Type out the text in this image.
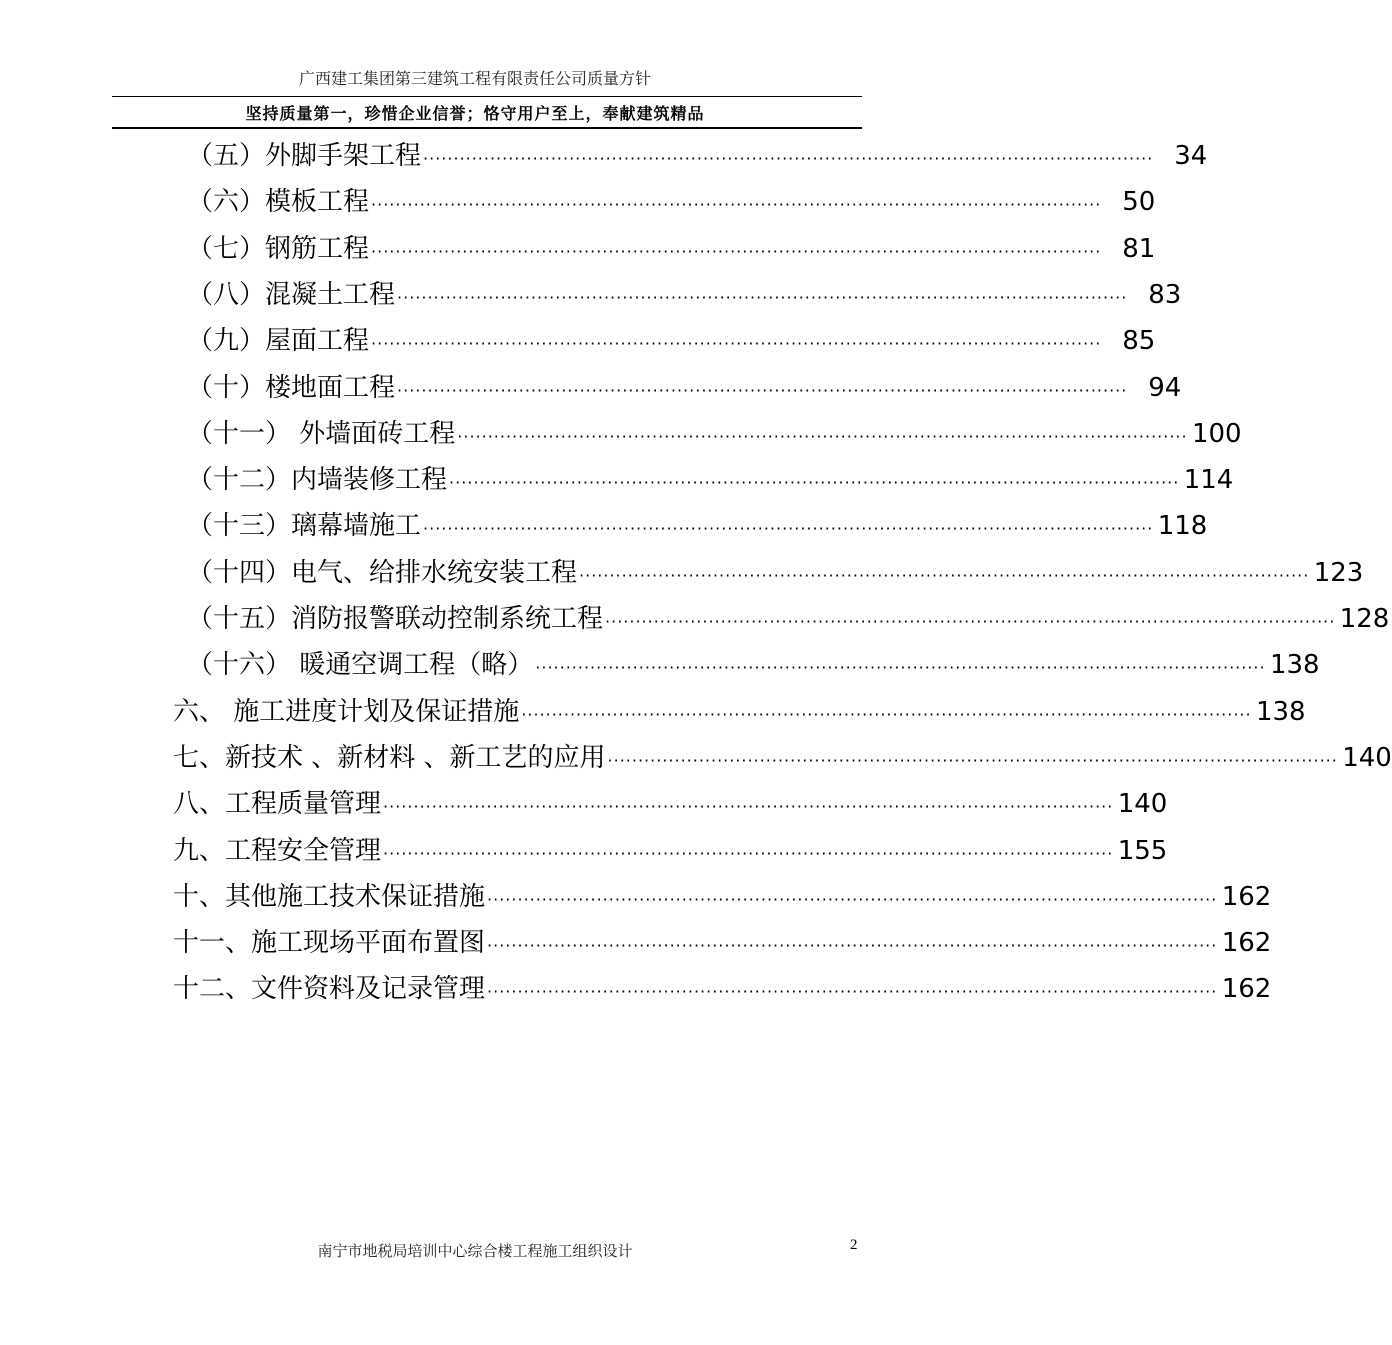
广西建工集团第三建筑工程有限责任公司质量方针
坚持质量第一，珍惜企业信誉；恪守用户至上，奉献建筑精品
（五）外脚手架工程 ························································································································ 34
（六）模板工程 ························································································································ 50
（七）钢筋工程 ························································································································ 81
（八）混凝土工程 ························································································································ 83
（九）屋面工程 ························································································································ 85
（十）楼地面工程 ························································································································ 94
（十一） 外墙面砖工程 ························································································································ 100
（十二）内墙装修工程 ························································································································ 114
（十三）璃幕墙施工 ························································································································ 118
（十四）电气、给排水统安装工程 ························································································································ 123
（十五）消防报警联动控制系统工程 ························································································································ 128
（十六） 暖通空调工程（略） ························································································································ 138
六、 施工进度计划及保证措施 ························································································································ 138
七、新技术 、新材料 、新工艺的应用 ························································································································ 140
八、工程质量管理 ························································································································ 140
九、工程安全管理 ························································································································ 155
十、其他施工技术保证措施 ························································································································ 162
十一、施工现场平面布置图 ························································································································ 162
十二、文件资料及记录管理 ························································································································ 162
南宁市地税局培训中心综合楼工程施工组织设计	2
